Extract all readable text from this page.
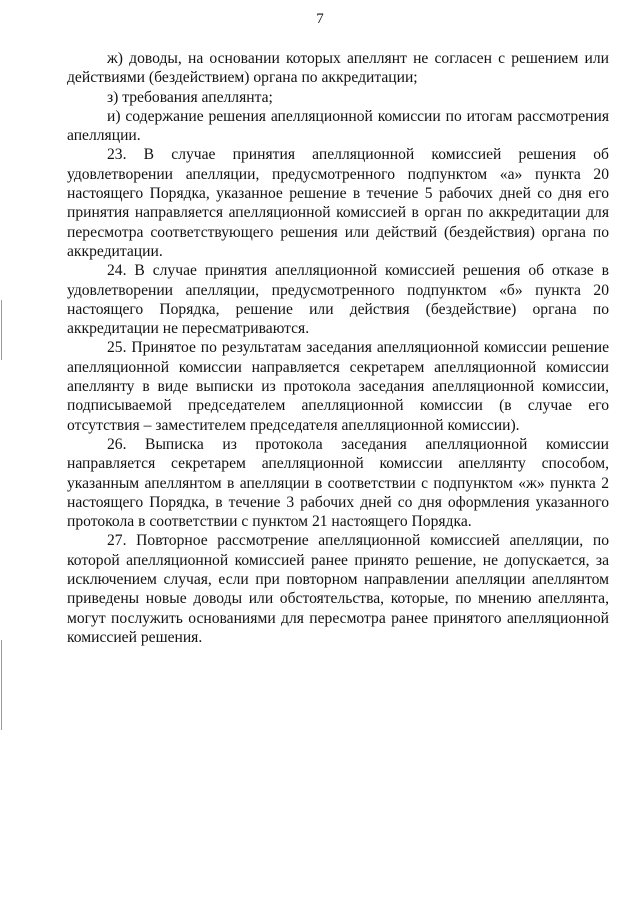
7

ж) доводы, на основании которых апеллянт не согласен с решением или действиями (бездействием) органа по аккредитации;

з) требования апеллянта;

и) содержание решения апелляционной комиссии по итогам рассмотрения апелляции.

23. В случае принятия апелляционной комиссией решения об удовлетворении апелляции, предусмотренного подпунктом «а» пункта 20 настоящего Порядка, указанное решение в течение 5 рабочих дней со дня его принятия направляется апелляционной комиссией в орган по аккредитации для пересмотра соответствующего решения или действий (бездействия) органа по аккредитации.

24. В случае принятия апелляционной комиссией решения об отказе в удовлетворении апелляции, предусмотренного подпунктом «б» пункта 20 настоящего Порядка, решение или действия (бездействие) органа по аккредитации не пересматриваются.

25. Принятое по результатам заседания апелляционной комиссии решение апелляционной комиссии направляется секретарем апелляционной комиссии апеллянту в виде выписки из протокола заседания апелляционной комиссии, подписываемой председателем апелляционной комиссии (в случае его отсутствия – заместителем председателя апелляционной комиссии).

26. Выписка из протокола заседания апелляционной комиссии направляется секретарем апелляционной комиссии апеллянту способом, указанным апеллянтом в апелляции в соответствии с подпунктом «ж» пункта 2 настоящего Порядка, в течение 3 рабочих дней со дня оформления указанного протокола в соответствии с пунктом 21 настоящего Порядка.

27. Повторное рассмотрение апелляционной комиссией апелляции, по которой апелляционной комиссией ранее принято решение, не допускается, за исключением случая, если при повторном направлении апелляции апеллянтом приведены новые доводы или обстоятельства, которые, по мнению апеллянта, могут послужить основаниями для пересмотра ранее принятого апелляционной комиссией решения.
